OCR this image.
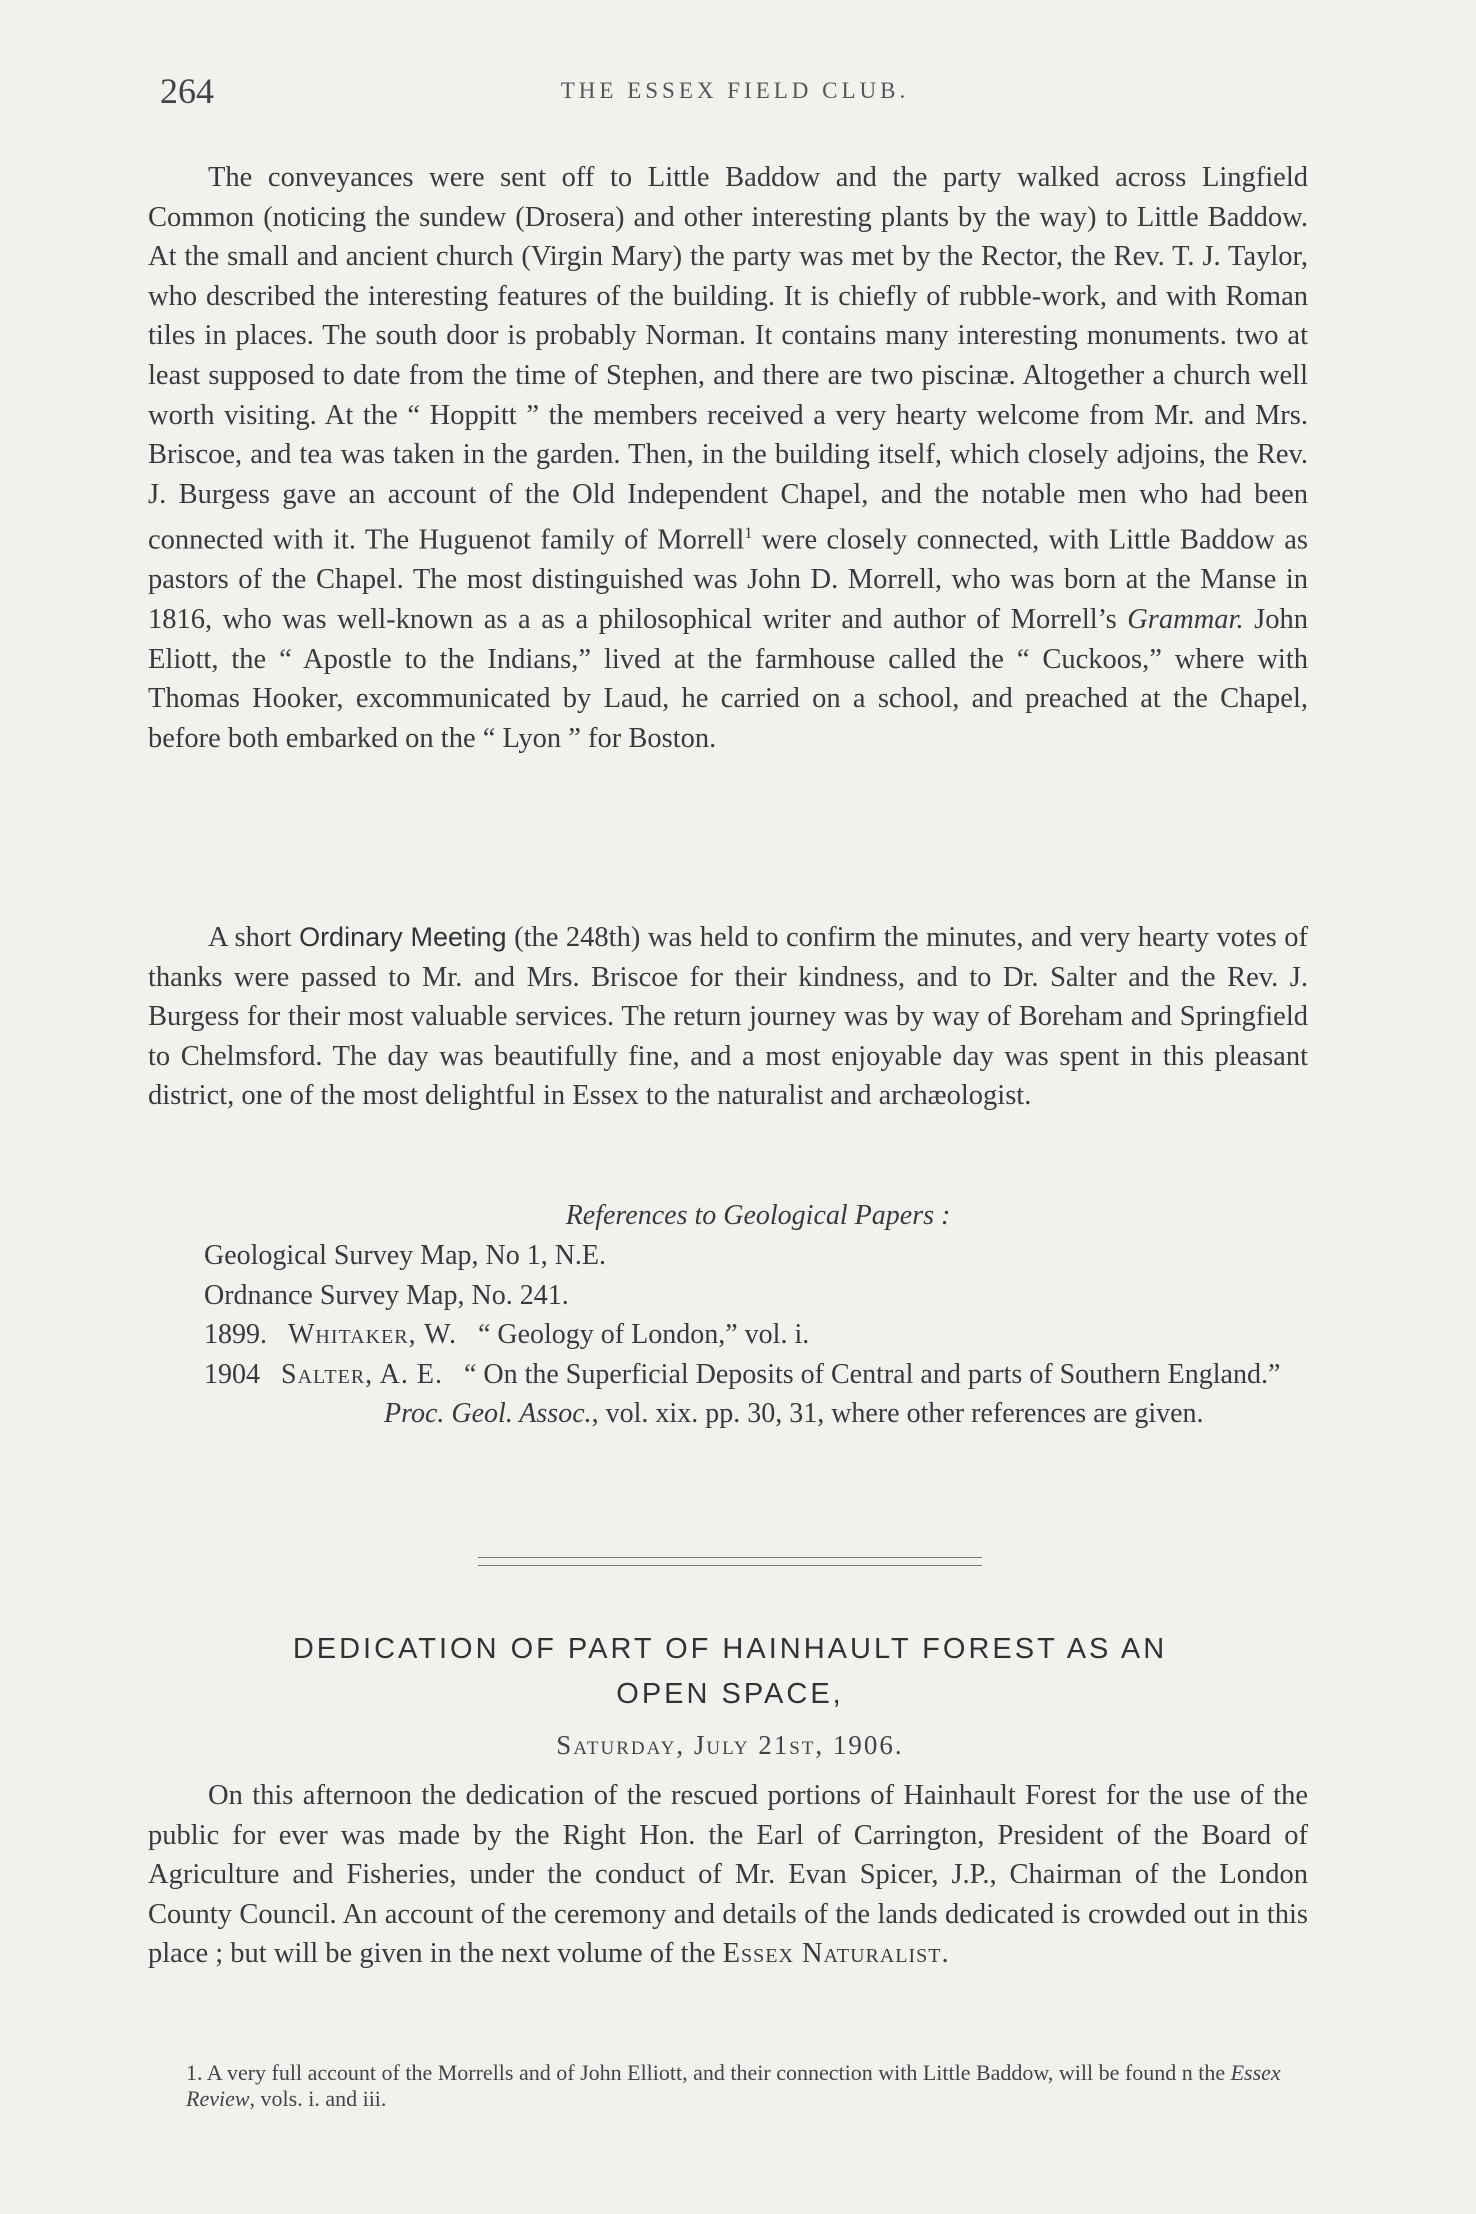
264	THE ESSEX FIELD CLUB.

The conveyances were sent off to Little Baddow and the party walked across Lingfield Common (noticing the sundew (Drosera) and other interesting plants by the way) to Little Baddow. At the small and ancient church (Virgin Mary) the party was met by the Rector, the Rev. T. J. Taylor, who described the interesting features of the building. It is chiefly of rubble-work, and with Roman tiles in places. The south door is probably Norman. It contains many interesting monuments. two at least supposed to date from the time of Stephen, and there are two piscinæ. Altogether a church well worth visiting. At the “ Hoppitt ” the members received a very hearty welcome from Mr. and Mrs. Briscoe, and tea was taken in the garden. Then, in the building itself, which closely adjoins, the Rev. J. Burgess gave an account of the Old Independent Chapel, and the notable men who had been connected with it. The Huguenot family of Morrell$^1$ were closely connected, with Little Baddow as pastors of the Chapel. The most distinguished was John D. Morrell, who was born at the Manse in 1816, who was well-known as a as a philosophical writer and author of Morrell’s Grammar. John Eliott, the “ Apostle to the Indians,” lived at the farmhouse called the “ Cuckoos,” where with Thomas Hooker, excommunicated by Laud, he carried on a school, and preached at the Chapel, before both embarked on the “ Lyon ” for Boston.

A short Ordinary Meeting (the 248th) was held to confirm the minutes, and very hearty votes of thanks were passed to Mr. and Mrs. Briscoe for their kindness, and to Dr. Salter and the Rev. J. Burgess for their most valuable services. The return journey was by way of Boreham and Springfield to Chelmsford. The day was beautifully fine, and a most enjoyable day was spent in this pleasant district, one of the most delightful in Essex to the naturalist and archæologist.

References to Geological Papers :
Geological Survey Map, No 1, N.E.
Ordnance Survey Map, No. 241.
1899. Whitaker, W. “ Geology of London,” vol. i.
1904 Salter, A. E. “ On the Superficial Deposits of Central and parts of Southern England.” Proc. Geol. Assoc., vol. xix. pp. 30, 31, where other references are given.
DEDICATION OF PART OF HAINHAULT FOREST AS AN
OPEN SPACE,
Saturday, July 21st, 1906.

On this afternoon the dedication of the rescued portions of Hainhault Forest for the use of the public for ever was made by the Right Hon. the Earl of Carrington, President of the Board of Agriculture and Fisheries, under the conduct of Mr. Evan Spicer, J.P., Chairman of the London County Council. An account of the ceremony and details of the lands dedicated is crowded out in this place ; but will be given in the next volume of the Essex Naturalist.

1. A very full account of the Morrells and of John Elliott, and their connection with Little Baddow, will be found n the Essex Review, vols. i. and iii.
